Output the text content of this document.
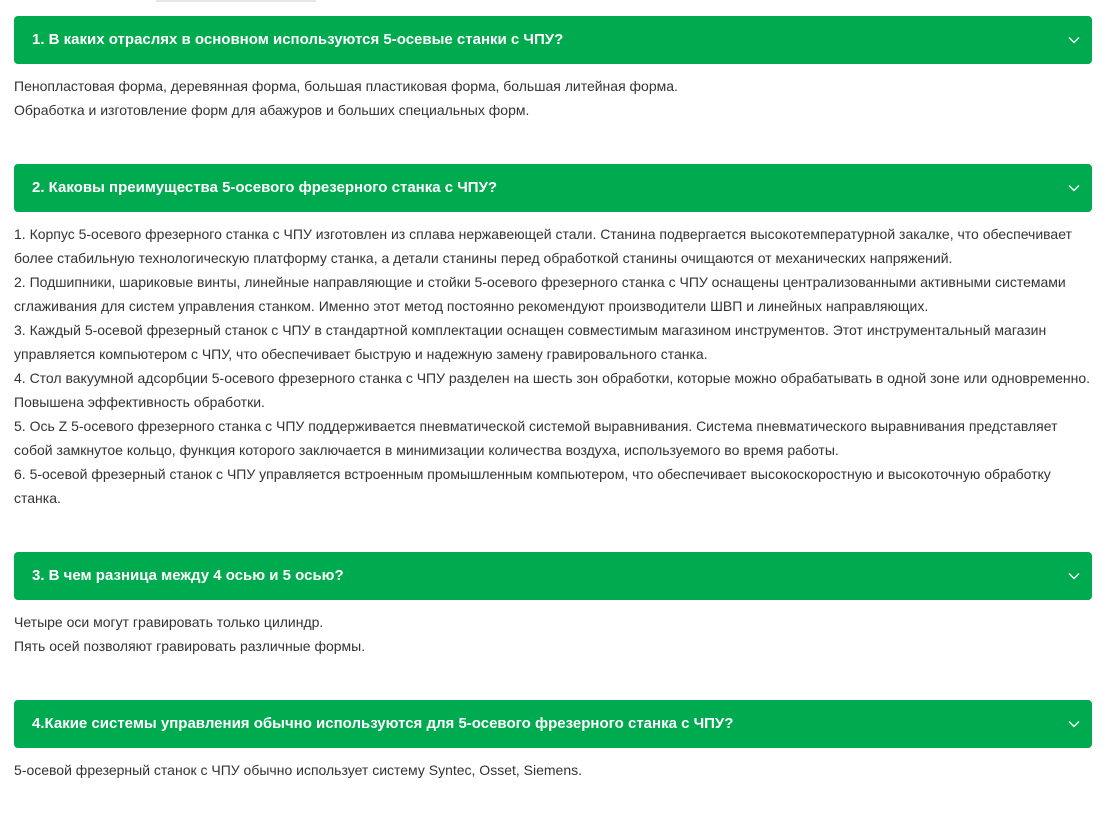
1. В каких отраслях в основном используются 5-осевые станки с ЧПУ?

Пенопластовая форма, деревянная форма, большая пластиковая форма, большая литейная форма.

Обработка и изготовление форм для абажуров и больших специальных форм.

2. Каковы преимущества 5-осевого фрезерного станка с ЧПУ?

1. Корпус 5-осевого фрезерного станка с ЧПУ изготовлен из сплава нержавеющей стали. Станина подвергается высокотемпературной закалке, что обеспечивает более стабильную технологическую платформу станка, а детали станины перед обработкой станины очищаются от механических напряжений.

2. Подшипники, шариковые винты, линейные направляющие и стойки 5-осевого фрезерного станка с ЧПУ оснащены централизованными активными системами сглаживания для систем управления станком. Именно этот метод постоянно рекомендуют производители ШВП и линейных направляющих.

3. Каждый 5-осевой фрезерный станок с ЧПУ в стандартной комплектации оснащен совместимым магазином инструментов. Этот инструментальный магазин управляется компьютером с ЧПУ, что обеспечивает быструю и надежную замену гравировального станка.

4. Стол вакуумной адсорбции 5-осевого фрезерного станка с ЧПУ разделен на шесть зон обработки, которые можно обрабатывать в одной зоне или одновременно. Повышена эффективность обработки.

5. Ось Z 5-осевого фрезерного станка с ЧПУ поддерживается пневматической системой выравнивания. Система пневматического выравнивания представляет собой замкнутое кольцо, функция которого заключается в минимизации количества воздуха, используемого во время работы.

6. 5-осевой фрезерный станок с ЧПУ управляется встроенным промышленным компьютером, что обеспечивает высокоскоростную и высокоточную обработку станка.

3. В чем разница между 4 осью и 5 осью?

Четыре оси могут гравировать только цилиндр.

Пять осей позволяют гравировать различные формы.

4.Какие системы управления обычно используются для 5-осевого фрезерного станка с ЧПУ?

5-осевой фрезерный станок с ЧПУ обычно использует систему Syntec, Osset, Siemens.
